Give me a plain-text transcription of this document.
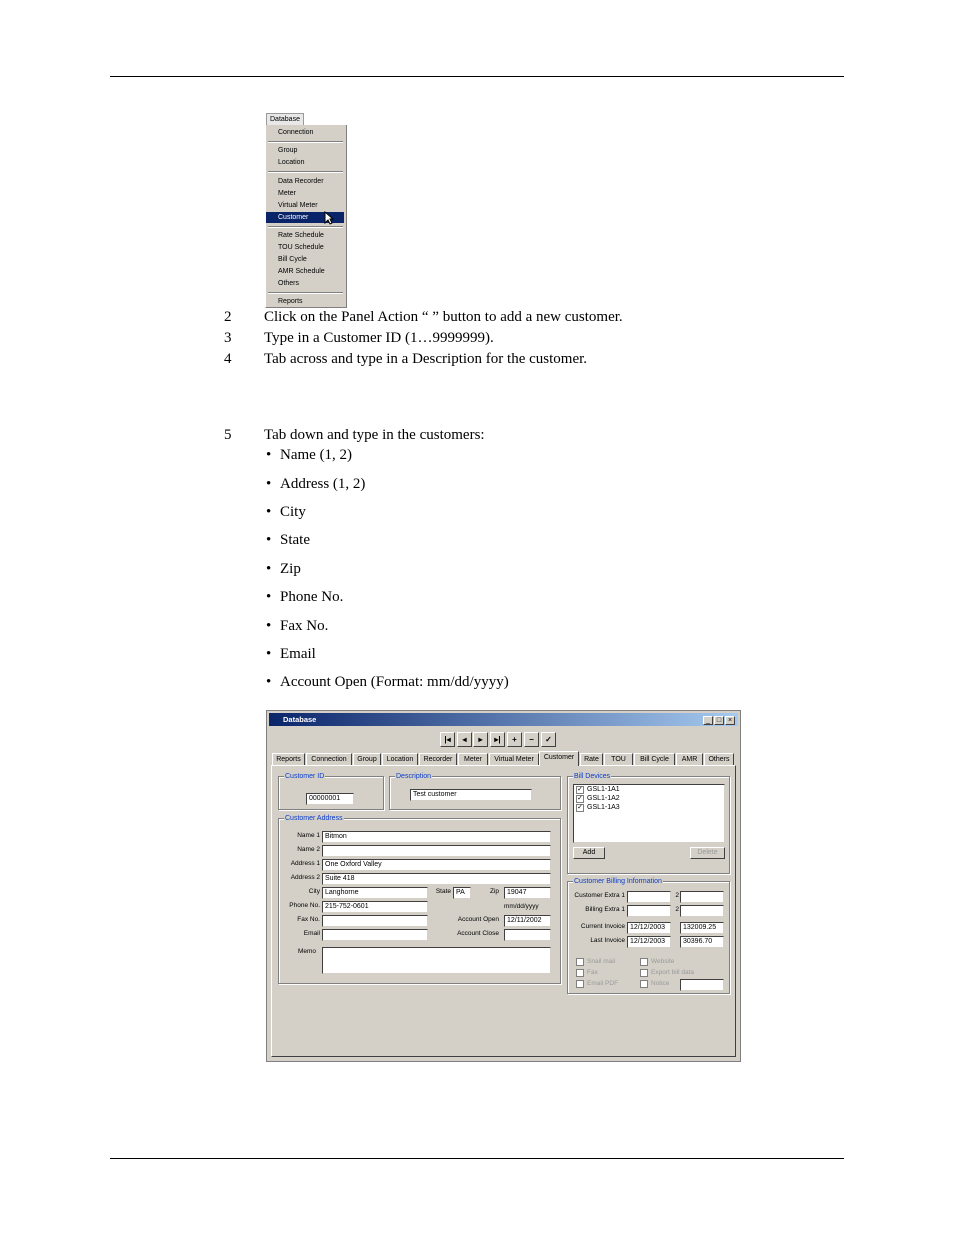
Database
Connection
Group
Location
Data Recorder
Meter
Virtual Meter
Customer
Rate Schedule
TOU Schedule
Bill Cycle
AMR Schedule
Others
Reports
2 Click on the Panel Action “ ” button to add a new customer.
3 Type in a Customer ID (1…9999999).
4 Tab across and type in a Description for the customer.
5 Tab down and type in the customers:
• Name (1, 2)
• Address (1, 2)
• City
• State
• Zip
• Phone No.
• Fax No.
• Email
• Account Open (Format: mm/dd/yyyy)
Database	_ □ ×
|◂	◂	▸	▸|	+	−	✓
Reports	Connection	Group	Location	Recorder	Meter	Virtual Meter	Customer	Rate	TOU	Bill Cycle	AMR	Others
Customer ID
00000001
Description
Test customer
Customer Address
Name 1 Bitmon
Name 2
Address 1 One Oxford Valley
Address 2 Suite 418
City Langhorne	State PA	Zip	19047
Phone No. 215-752-0601	mm/dd/yyyy
Fax No.	Account Open	12/11/2002
Email	Account Close
Memo
Bill Devices
✓ GSL1-1A1
✓ GSL1-1A2
✓ GSL1-1A3
Add	Delete
Customer Billing Information
Customer Extra 1	2
Billing Extra 1	2
Current Invoice 12/12/2003	132009.25
Last Invoice 12/12/2003	30396.70
Snail mail
Fax
Email PDF
Website
Export bill data
Notice
